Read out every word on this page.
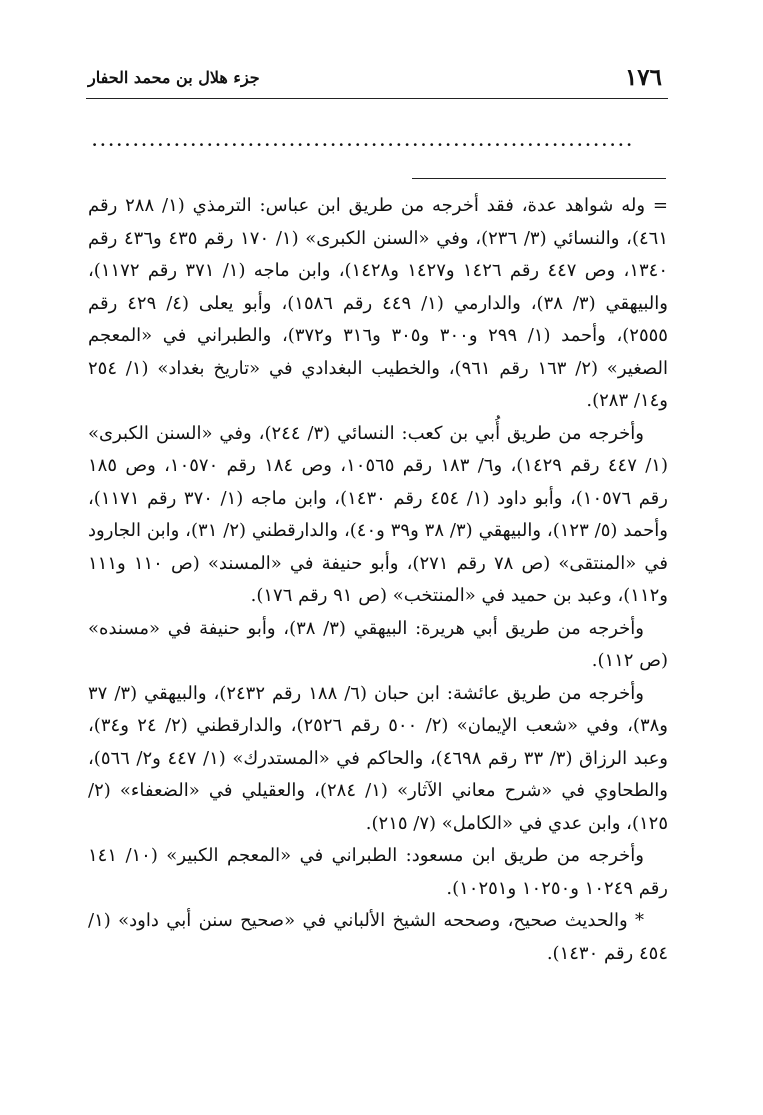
١٧٦
جزء هلال بن محمد الحفار
..................................................................

= وله شواهد عدة، فقد أخرجه من طريق ابن عباس: الترمذي (١/ ٢٨٨ رقم ٤٦١)، والنسائي (٣/ ٢٣٦)، وفي «السنن الكبرى» (١/ ١٧٠ رقم ٤٣٥ و٤٣٦ رقم ١٣٤٠، وص ٤٤٧ رقم ١٤٢٦ و١٤٢٧ و١٤٢٨)، وابن ماجه (١/ ٣٧١ رقم ١١٧٢)، والبيهقي (٣/ ٣٨)، والدارمي (١/ ٤٤٩ رقم ١٥٨٦)، وأبو يعلى (٤/ ٤٢٩ رقم ٢٥٥٥)، وأحمد (١/ ٢٩٩ و٣٠٠ و٣٠٥ و٣١٦ و٣٧٢)، والطبراني في «المعجم الصغير» (٢/ ١٦٣ رقم ٩٦١)، والخطيب البغدادي في «تاريخ بغداد» (١/ ٢٥٤ و١٤/ ٢٨٣).

وأخرجه من طريق أُبي بن كعب: النسائي (٣/ ٢٤٤)، وفي «السنن الكبرى» (١/ ٤٤٧ رقم ١٤٢٩)، و٦/ ١٨٣ رقم ١٠٥٦٥، وص ١٨٤ رقم ١٠٥٧٠، وص ١٨٥ رقم ١٠٥٧٦)، وأبو داود (١/ ٤٥٤ رقم ١٤٣٠)، وابن ماجه (١/ ٣٧٠ رقم ١١٧١)، وأحمد (٥/ ١٢٣)، والبيهقي (٣/ ٣٨ و٣٩ و٤٠)، والدارقطني (٢/ ٣١)، وابن الجارود في «المنتقى» (ص ٧٨ رقم ٢٧١)، وأبو حنيفة في «المسند» (ص ١١٠ و١١١ و١١٢)، وعبد بن حميد في «المنتخب» (ص ٩١ رقم ١٧٦).

وأخرجه من طريق أبي هريرة: البيهقي (٣/ ٣٨)، وأبو حنيفة في «مسنده» (ص ١١٢).

وأخرجه من طريق عائشة: ابن حبان (٦/ ١٨٨ رقم ٢٤٣٢)، والبيهقي (٣/ ٣٧ و٣٨)، وفي «شعب الإيمان» (٢/ ٥٠٠ رقم ٢٥٢٦)، والدارقطني (٢/ ٢٤ و٣٤)، وعبد الرزاق (٣/ ٣٣ رقم ٤٦٩٨)، والحاكم في «المستدرك» (١/ ٤٤٧ و٢/ ٥٦٦)، والطحاوي في «شرح معاني الآثار» (١/ ٢٨٤)، والعقيلي في «الضعفاء» (٢/ ١٢٥)، وابن عدي في «الكامل» (٧/ ٢١٥).

وأخرجه من طريق ابن مسعود: الطبراني في «المعجم الكبير» (١٠/ ١٤١ رقم ١٠٢٤٩ و١٠٢٥٠ و١٠٢٥١).

* والحديث صحيح، وصححه الشيخ الألباني في «صحيح سنن أبي داود» (١/ ٤٥٤ رقم ١٤٣٠).
